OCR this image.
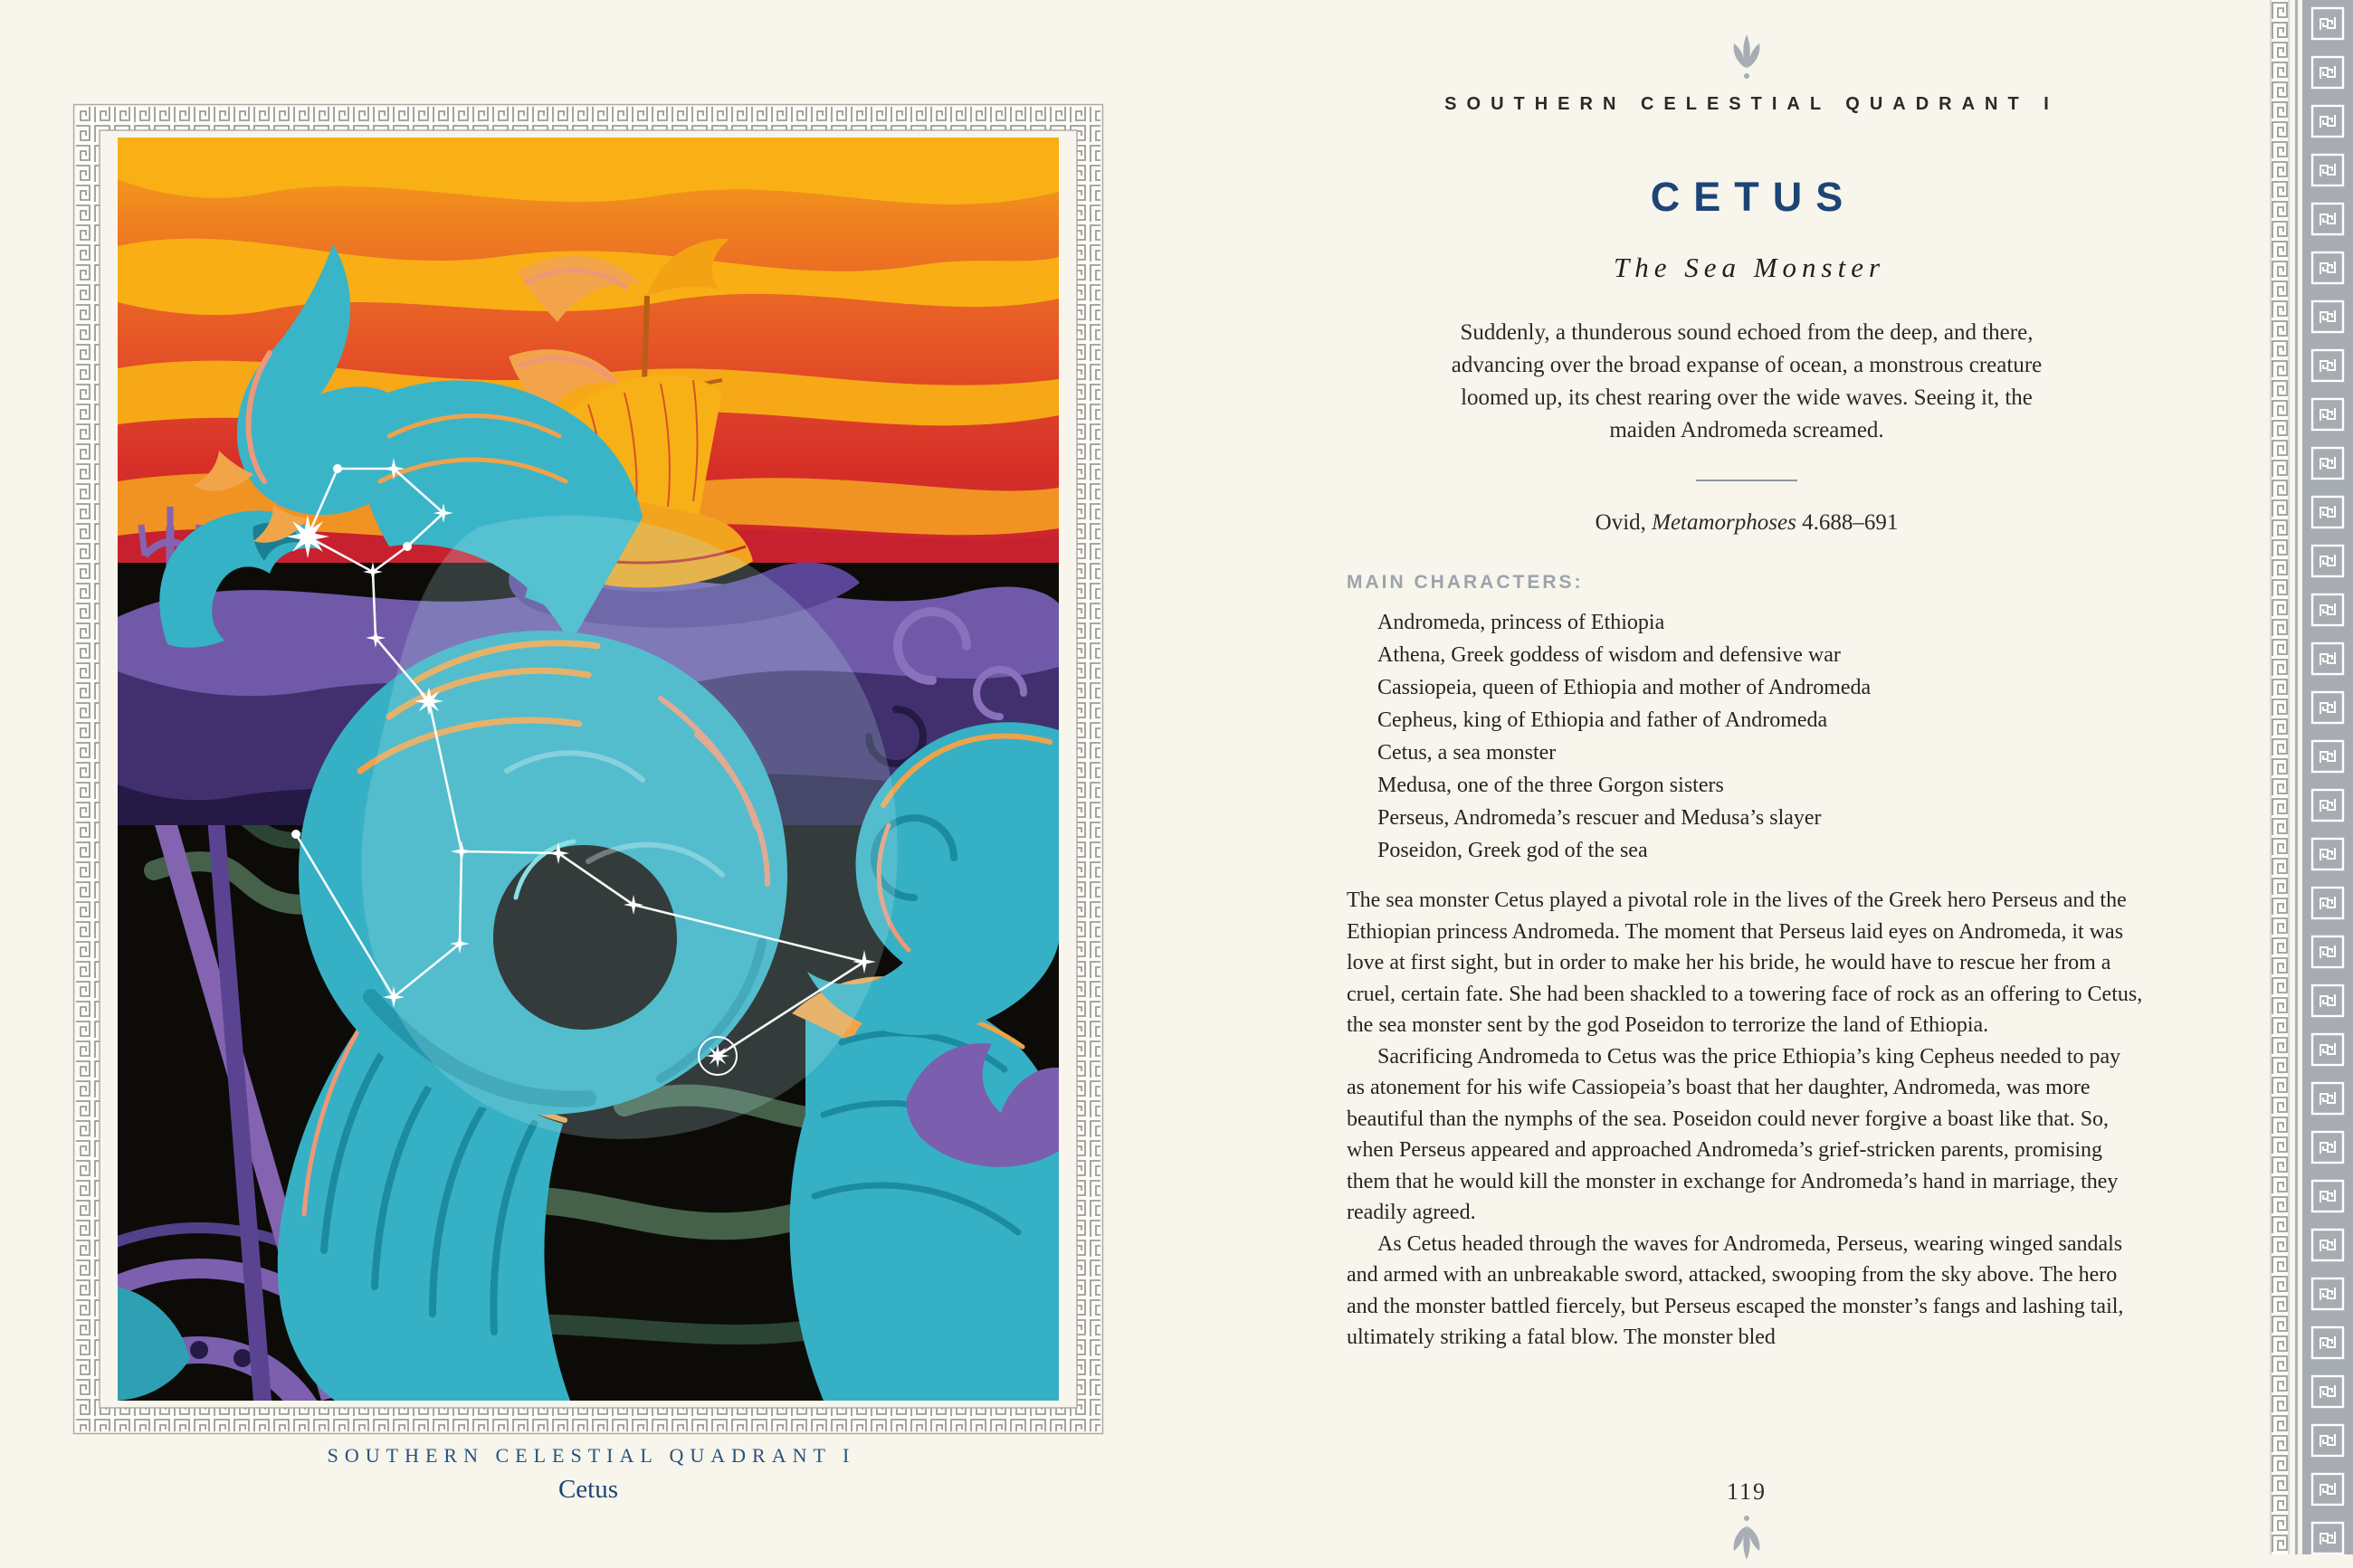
SOUTHERN CELESTIAL QUADRANT I
Cetus
SOUTHERN CELESTIAL QUADRANT I
CETUS
The Sea Monster
Suddenly, a thunderous sound echoed from the deep, and there,
advancing over the broad expanse of ocean, a monstrous creature
loomed up, its chest rearing over the wide waves. Seeing it, the
maiden Andromeda screamed.
Ovid, Metamorphoses 4.688–691
MAIN CHARACTERS:
Andromeda, princess of Ethiopia
Athena, Greek goddess of wisdom and defensive war
Cassiopeia, queen of Ethiopia and mother of Andromeda
Cepheus, king of Ethiopia and father of Andromeda
Cetus, a sea monster
Medusa, one of the three Gorgon sisters
Perseus, Andromeda’s rescuer and Medusa’s slayer
Poseidon, Greek god of the sea

The sea monster Cetus played a pivotal role in the lives of the Greek hero Perseus and the Ethiopian princess Andromeda. The moment that Perseus laid eyes on Andromeda, it was love at first sight, but in order to make her his bride, he would have to rescue her from a cruel, certain fate. She had been shackled to a towering face of rock as an offering to Cetus, the sea monster sent by the god Poseidon to terrorize the land of Ethiopia.

Sacrificing Andromeda to Cetus was the price Ethiopia’s king Cepheus needed to pay as atonement for his wife Cassiopeia’s boast that her daughter, Andromeda, was more beautiful than the nymphs of the sea. Poseidon could never forgive a boast like that. So, when Perseus appeared and approached Andromeda’s grief-stricken parents, promising them that he would kill the monster in exchange for Andromeda’s hand in marriage, they readily agreed.

As Cetus headed through the waves for Andromeda, Perseus, wearing winged sandals and armed with an unbreakable sword, attacked, swooping from the sky above. The hero and the monster battled fiercely, but Perseus escaped the monster’s fangs and lashing tail, ultimately striking a fatal blow. The monster bled

119
